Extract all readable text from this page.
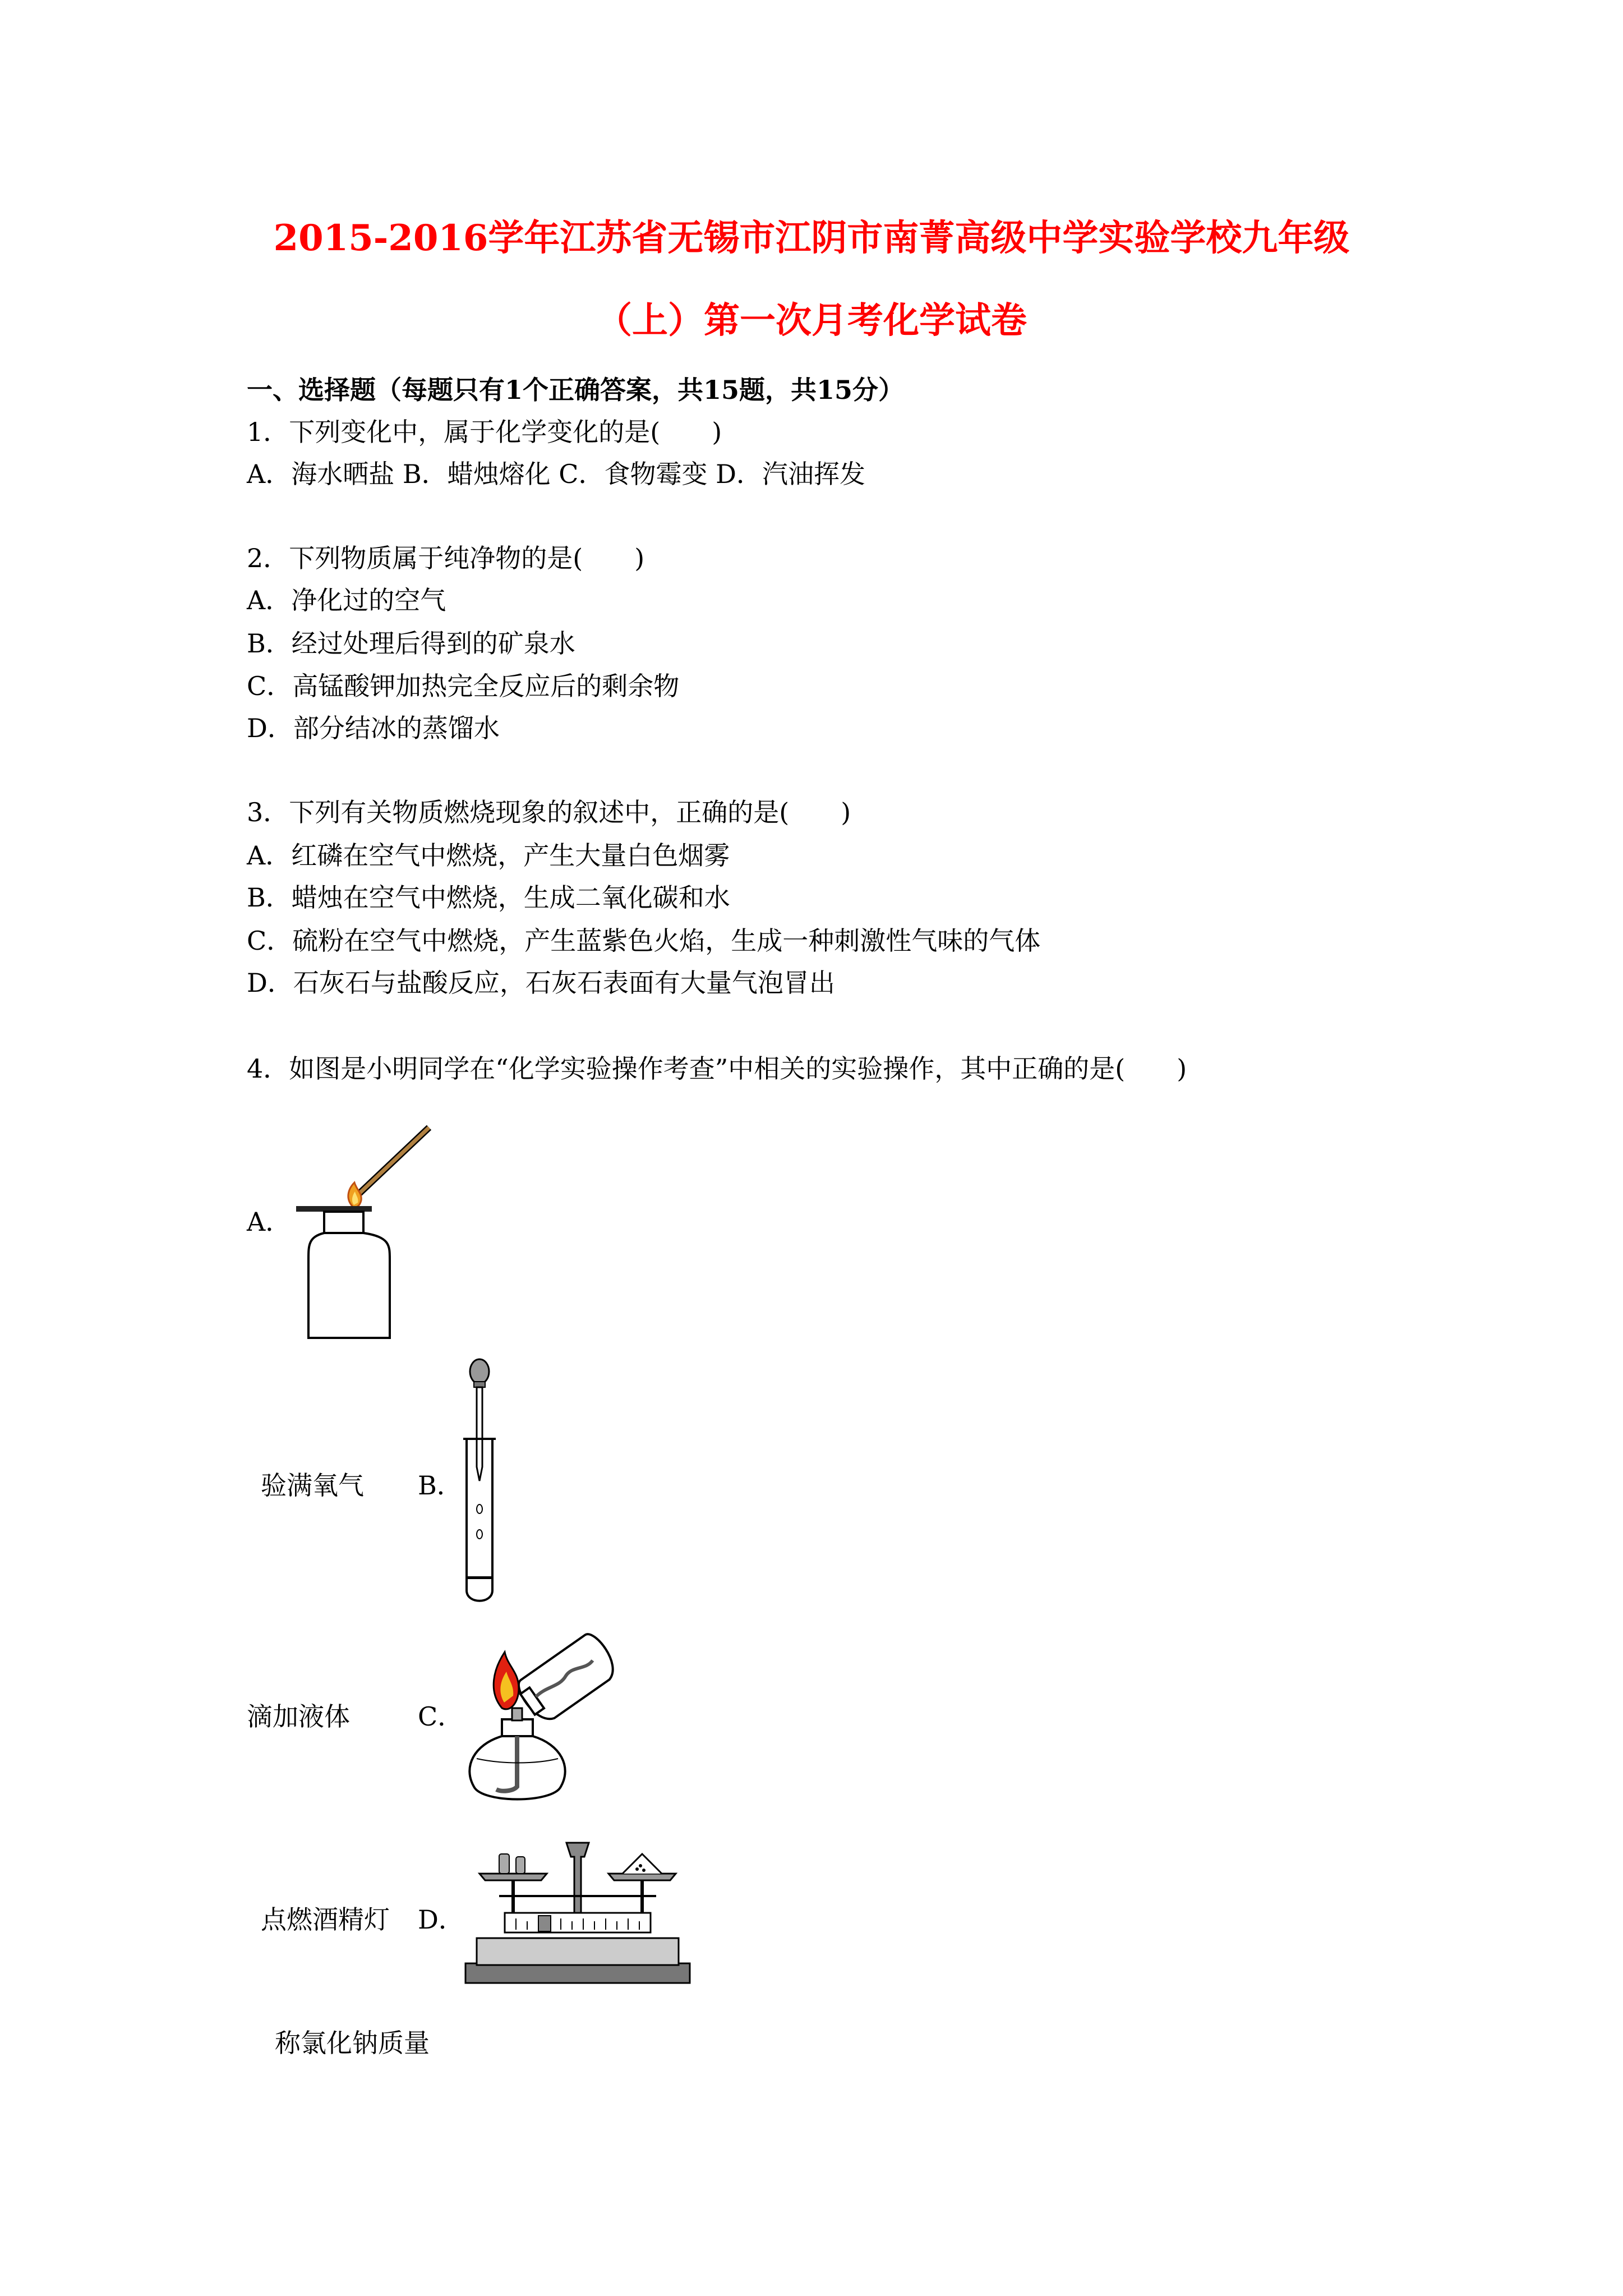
2015-2016学年江苏省无锡市江阴市南菁高级中学实验学校九年级
（上）第一次月考化学试卷
一、选择题（每题只有1个正确答案，共15题，共15分）
1．下列变化中，属于化学变化的是(　　)
A．海水晒盐 B．蜡烛熔化 C．食物霉变 D．汽油挥发
2．下列物质属于纯净物的是(　　)
A．净化过的空气
B．经过处理后得到的矿泉水
C．高锰酸钾加热完全反应后的剩余物
D．部分结冰的蒸馏水
3．下列有关物质燃烧现象的叙述中，正确的是(　　)
A．红磷在空气中燃烧，产生大量白色烟雾
B．蜡烛在空气中燃烧，生成二氧化碳和水
C．硫粉在空气中燃烧，产生蓝紫色火焰，生成一种刺激性气味的气体
D．石灰石与盐酸反应，石灰石表面有大量气泡冒出
4．如图是小明同学在“化学实验操作考查”中相关的实验操作，其中正确的是(　　)
A．
验满氧气 B．
滴加液体	C．
点燃酒精灯 D．
称氯化钠质量
